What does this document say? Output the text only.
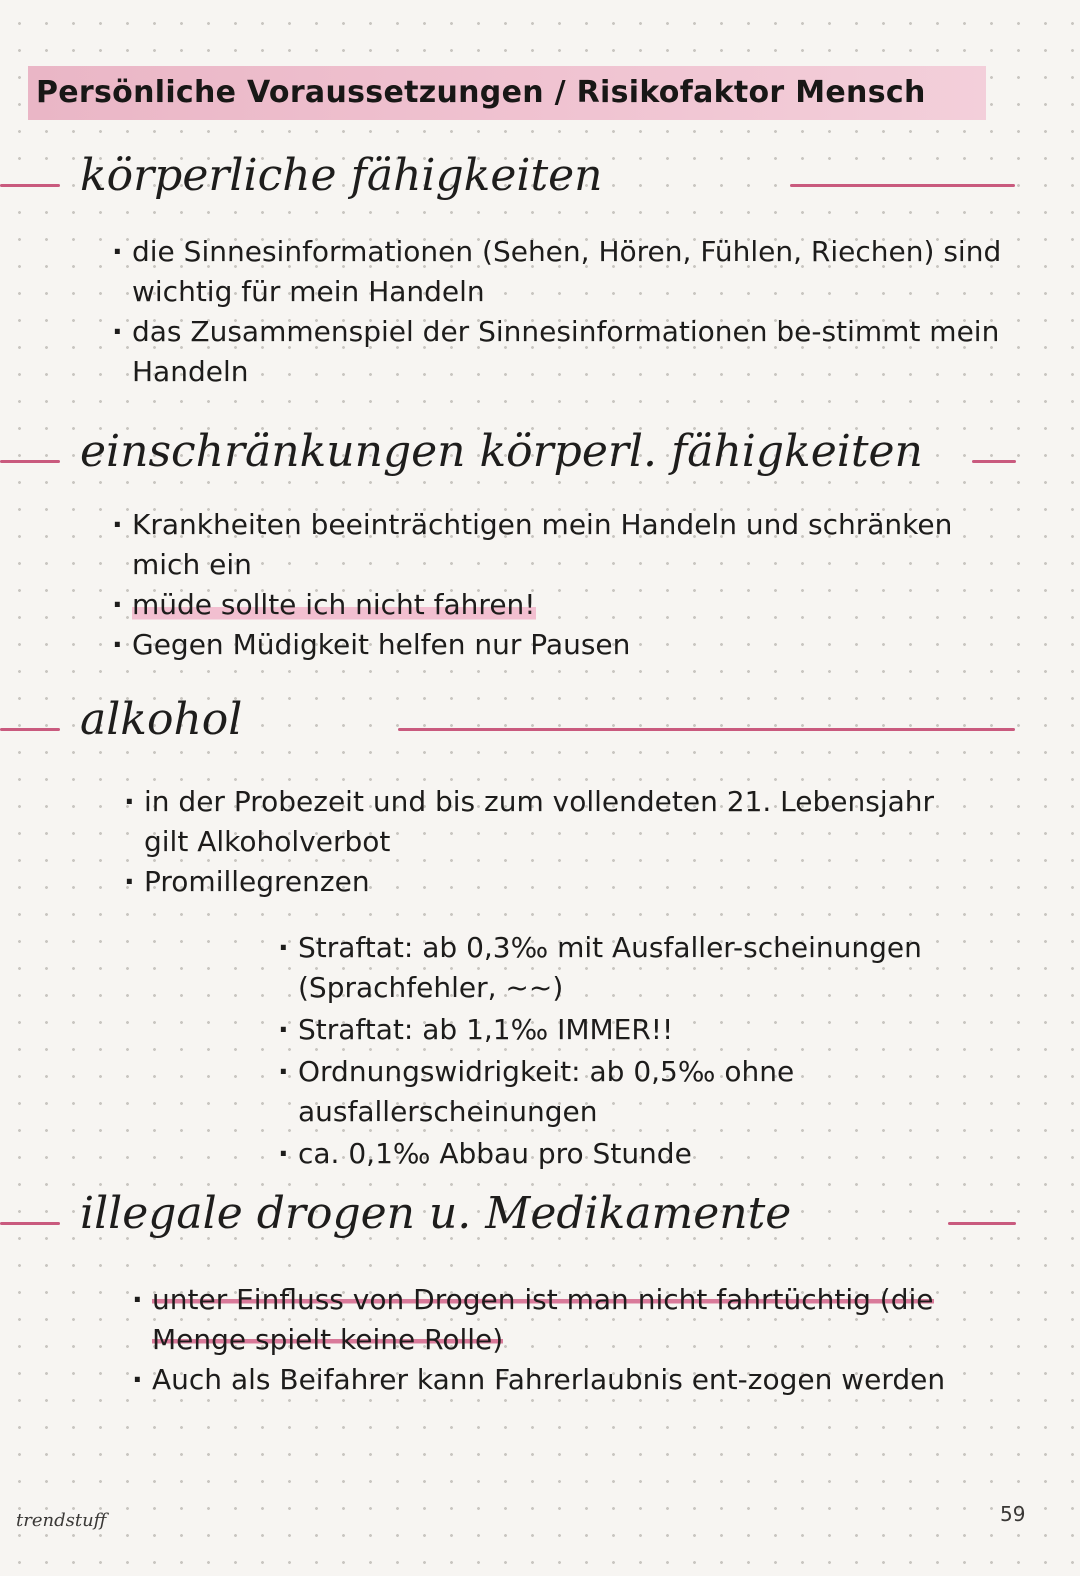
Persönliche Voraussetzungen / Risikofaktor Mensch
körperliche fähigkeiten
· die Sinnesinformationen (Sehen, Hören, Fühlen, Riechen) sind wichtig für mein Handeln
· das Zusammenspiel der Sinnesinformationen be-stimmt mein Handeln
einschränkungen körperl. fähigkeiten
· Krankheiten beeinträchtigen mein Handeln und schränken mich ein
· müde sollte ich nicht fahren!
· Gegen Müdigkeit helfen nur Pausen
alkohol
· in der Probezeit und bis zum vollendeten 21. Lebensjahr gilt Alkoholverbot
· Promillegrenzen
· Straftat: ab 0,3‰ mit Ausfaller-scheinungen (Sprachfehler, ~~)
· Straftat: ab 1,1‰ IMMER!!
· Ordnungswidrigkeit: ab 0,5‰ ohne ausfallerscheinungen
· ca. 0,1‰ Abbau pro Stunde
illegale drogen u. Medikamente
· unter Einfluss von Drogen ist man nicht fahrtüchtig (die Menge spielt keine Rolle)
· Auch als Beifahrer kann Fahrerlaubnis ent-zogen werden
trendstuff	59
